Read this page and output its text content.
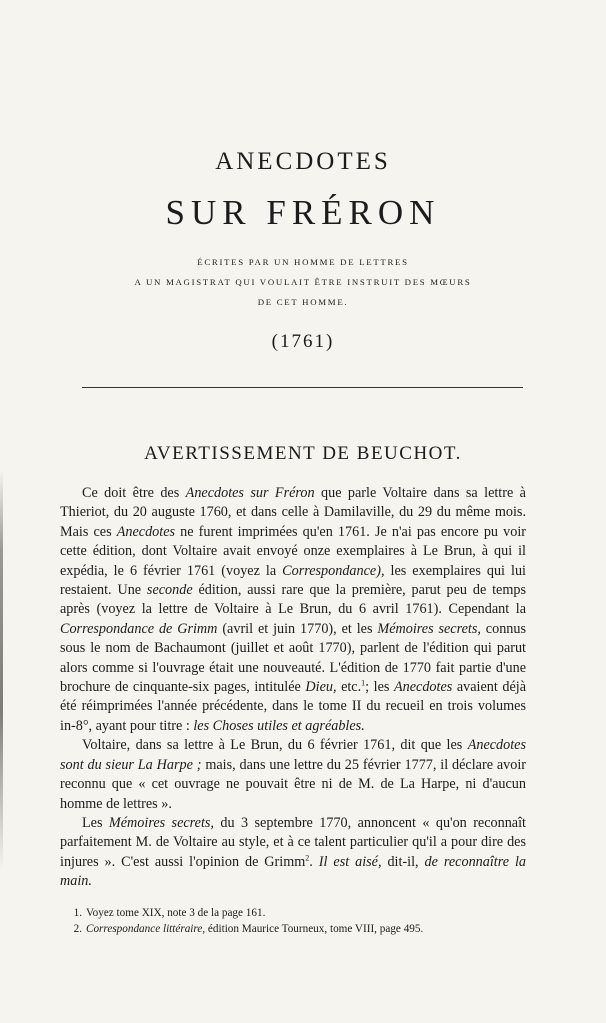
ANECDOTES
SUR FRÉRON
ÉCRITES PAR UN HOMME DE LETTRES
A UN MAGISTRAT QUI VOULAIT ÊTRE INSTRUIT DES MŒURS
DE CET HOMME.
(1761)
AVERTISSEMENT DE BEUCHOT.

Ce doit être des Anecdotes sur Fréron que parle Voltaire dans sa lettre à Thieriot, du 20 auguste 1760, et dans celle à Damilaville, du 29 du même mois. Mais ces Anecdotes ne furent imprimées qu'en 1761. Je n'ai pas encore pu voir cette édition, dont Voltaire avait envoyé onze exemplaires à Le Brun, à qui il expédia, le 6 février 1761 (voyez la Correspondance), les exemplaires qui lui restaient. Une seconde édition, aussi rare que la première, parut peu de temps après (voyez la lettre de Voltaire à Le Brun, du 6 avril 1761). Cependant la Correspondance de Grimm (avril et juin 1770), et les Mémoires secrets, connus sous le nom de Bachaumont (juillet et août 1770), parlent de l'édition qui parut alors comme si l'ouvrage était une nouveauté. L'édition de 1770 fait partie d'une brochure de cinquante-six pages, intitulée Dieu, etc.$^1$; les Anecdotes avaient déjà été réimprimées l'année précédente, dans le tome II du recueil en trois volumes in-8°, ayant pour titre : les Choses utiles et agréables.

Voltaire, dans sa lettre à Le Brun, du 6 février 1761, dit que les Anecdotes sont du sieur La Harpe ; mais, dans une lettre du 25 février 1777, il déclare avoir reconnu que « cet ouvrage ne pouvait être ni de M. de La Harpe, ni d'aucun homme de lettres ».

Les Mémoires secrets, du 3 septembre 1770, annoncent « qu'on reconnaît parfaitement M. de Voltaire au style, et à ce talent particulier qu'il a pour dire des injures ». C'est aussi l'opinion de Grimm$^2$. Il est aisé, dit-il, de reconnaître la main.

1. Voyez tome XIX, note 3 de la page 161.
2. Correspondance littéraire, édition Maurice Tourneux, tome VIII, page 495.
